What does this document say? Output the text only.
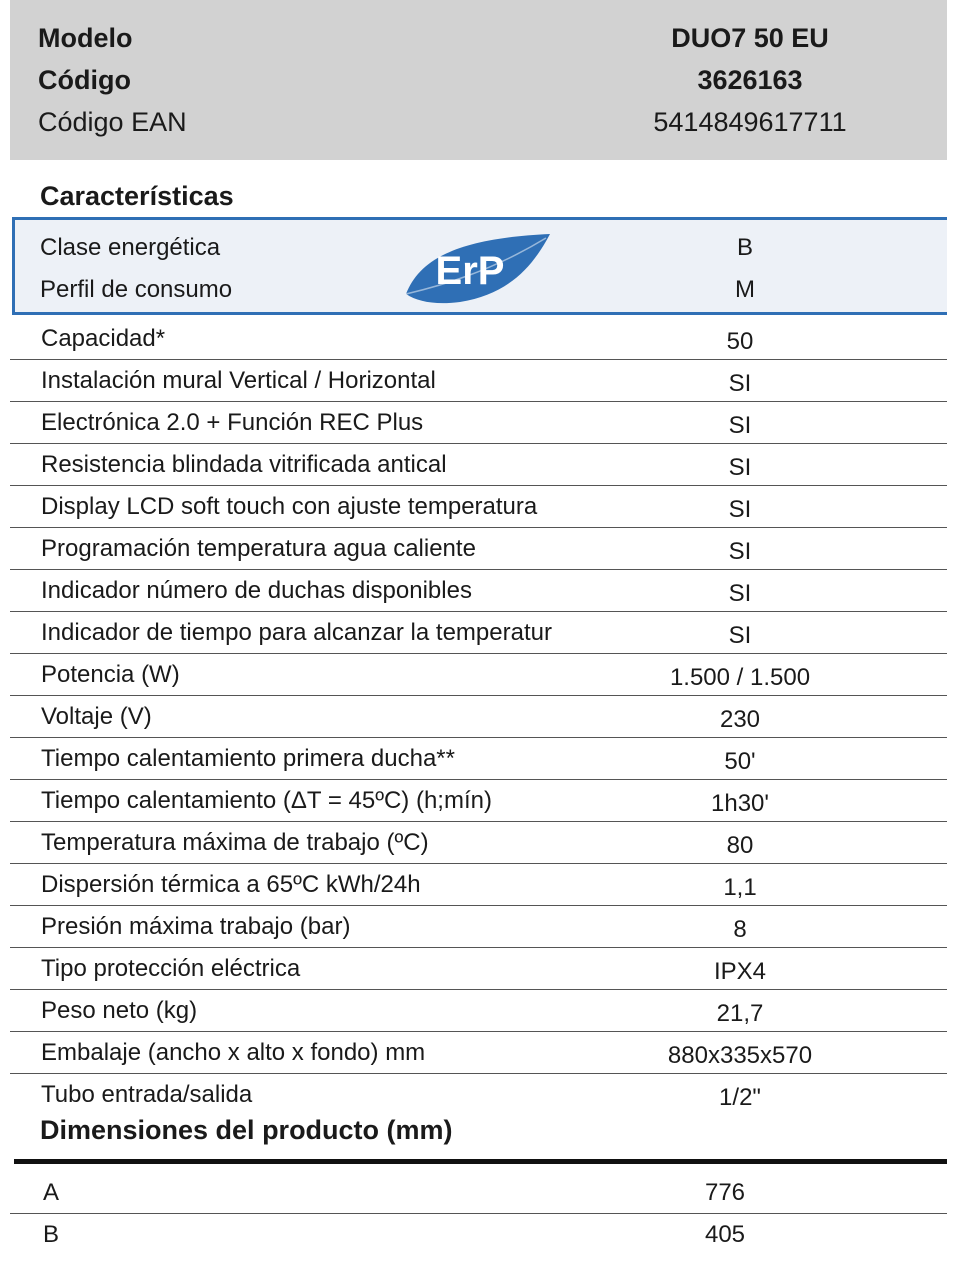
Modelo	DUO7 50 EU
Código	3626163
Código EAN	5414849617711
Características
Clase energética	B
Perfil de consumo	M
ErP
Capacidad*	50
Instalación mural Vertical / Horizontal	SI
Electrónica 2.0 + Función REC Plus	SI
Resistencia blindada vitrificada antical	SI
Display LCD soft touch con ajuste temperatura	SI
Programación temperatura agua caliente	SI
Indicador número de duchas disponibles	SI
Indicador de tiempo para alcanzar la temperatur	SI
Potencia (W)	1.500 / 1.500
Voltaje (V)	230
Tiempo calentamiento primera ducha**	50'
Tiempo calentamiento (ΔT = 45ºC) (h;mín)	1h30'
Temperatura máxima de trabajo (ºC)	80
Dispersión térmica a 65ºC kWh/24h	1,1
Presión máxima trabajo (bar)	8
Tipo protección eléctrica	IPX4
Peso neto (kg)	21,7
Embalaje (ancho x alto x fondo) mm	880x335x570
Tubo entrada/salida	1/2"
Dimensiones del producto (mm)
A	776
B	405
